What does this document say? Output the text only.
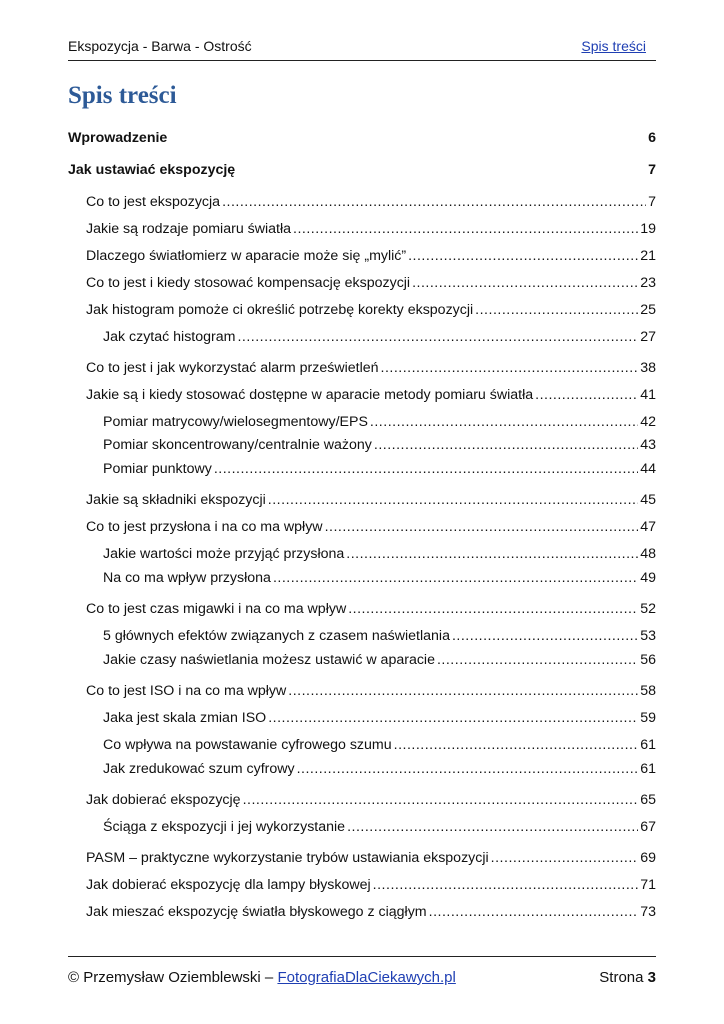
Ekspozycja - Barwa - Ostrość	Spis treści
Spis treści
Wprowadzenie	6
Jak ustawiać ekspozycję	7
Co to jest ekspozycja .....	7
Jakie są rodzaje pomiaru światła .....	19
Dlaczego światłomierz w aparacie może się „mylić” .....	21
Co to jest i kiedy stosować kompensację ekspozycji .....	23
Jak histogram pomoże ci określić potrzebę korekty ekspozycji .....	25
Jak czytać histogram .....	27
Co to jest i jak wykorzystać alarm prześwietleń .....	38
Jakie są i kiedy stosować dostępne w aparacie metody pomiaru światła .....	41
Pomiar matrycowy/wielosegmentowy/EPS .....	42
Pomiar skoncentrowany/centralnie ważony .....	43
Pomiar punktowy .....	44
Jakie są składniki ekspozycji .....	45
Co to jest przysłona i na co ma wpływ .....	47
Jakie wartości może przyjąć przysłona .....	48
Na co ma wpływ przysłona .....	49
Co to jest czas migawki i na co ma wpływ .....	52
5 głównych efektów związanych z czasem naświetlania .....	53
Jakie czasy naświetlania możesz ustawić w aparacie .....	56
Co to jest ISO i na co ma wpływ .....	58
Jaka jest skala zmian ISO .....	59
Co wpływa na powstawanie cyfrowego szumu .....	61
Jak zredukować szum cyfrowy .....	61
Jak dobierać ekspozycję .....	65
Ściąga z ekspozycji i jej wykorzystanie .....	67
PASM – praktyczne wykorzystanie trybów ustawiania ekspozycji .....	69
Jak dobierać ekspozycję dla lampy błyskowej .....	71
Jak mieszać ekspozycję światła błyskowego z ciągłym .....	73
© Przemysław Oziemblewski – FotografiaDlaCiekawych.pl	Strona 3
